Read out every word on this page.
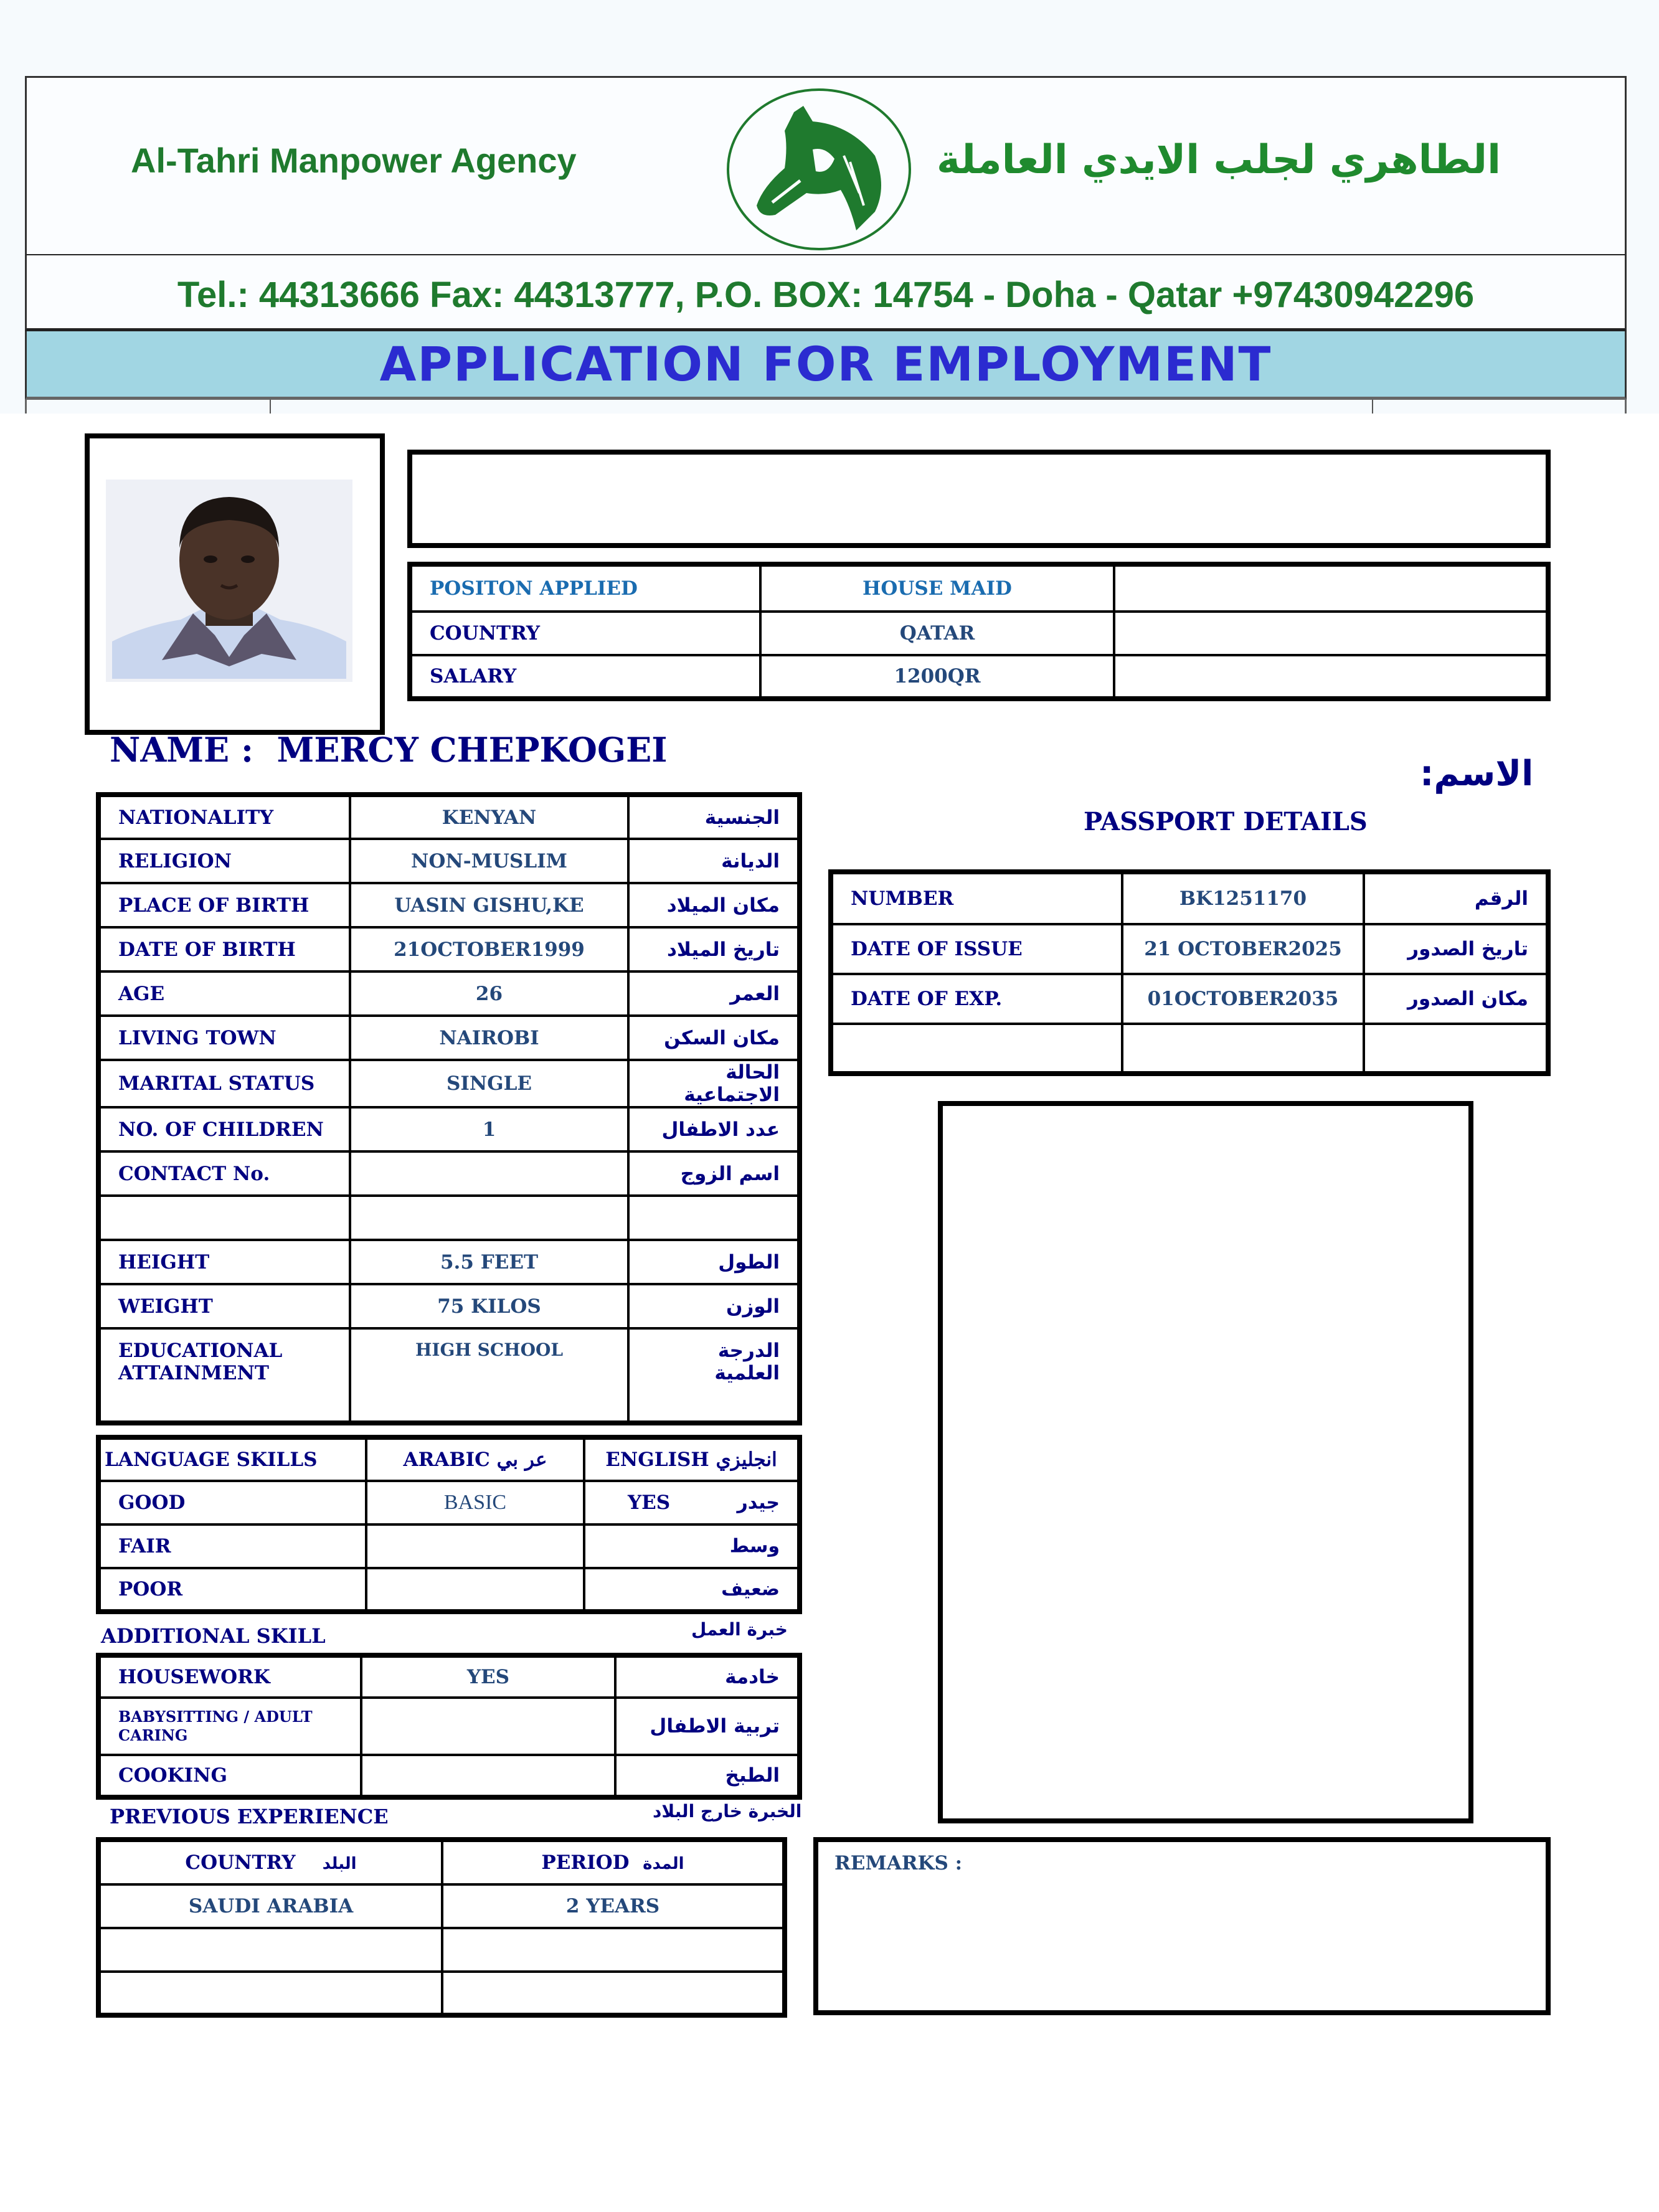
Al-Tahri Manpower Agency	الطاهري لجلب الايدي العاملة
Tel.: 44313666 Fax: 44313777, P.O. BOX: 14754 - Doha - Qatar +97430942296
APPLICATION FOR EMPLOYMENT
POSITON APPLIED	HOUSE MAID	
COUNTRY	QATAR	
SALARY	1200QR	
NAME : MERCY CHEPKOGEI
الاسم:
NATIONALITY	KENYAN	الجنسية
RELIGION	NON-MUSLIM	الديانة
PLACE OF BIRTH	UASIN GISHU,KE	مكان الميلاد
DATE OF BIRTH	21OCTOBER1999	تاريخ الميلاد
AGE	26	العمر
LIVING TOWN	NAIROBI	مكان السكن
MARITAL STATUS	SINGLE	الحالة الاجتماعية
NO. OF CHILDREN	1	عدد الاطفال
CONTACT No.		اسم الزوج

HEIGHT	5.5 FEET	الطول
WEIGHT	75 KILOS	الوزن
EDUCATIONAL ATTAINMENT	HIGH SCHOOL	الدرجة العلمية
PASSPORT DETAILS
NUMBER	BK1251170	الرقم
DATE OF ISSUE	21 OCTOBER2025	تاريخ الصدور
DATE OF EXP.	01OCTOBER2035	مكان الصدور

LANGUAGE SKILLS	ARABIC عر بي	ENGLISH انجليزي
GOOD	BASIC	YES جيدر

FAIR		وسط

POOR		ضعيف
ADDITIONAL SKILL	خبرة العمل
HOUSEWORK	YES	خادمة
BABYSITTING / ADULT CARING		تربية الاطفال
COOKING		الطبخ
PREVIOUS EXPERIENCE	الخبرة خارج البلاد
COUNTRY البلد	PERIOD المدة
SAUDI ARABIA	2 YEARS

REMARKS :
